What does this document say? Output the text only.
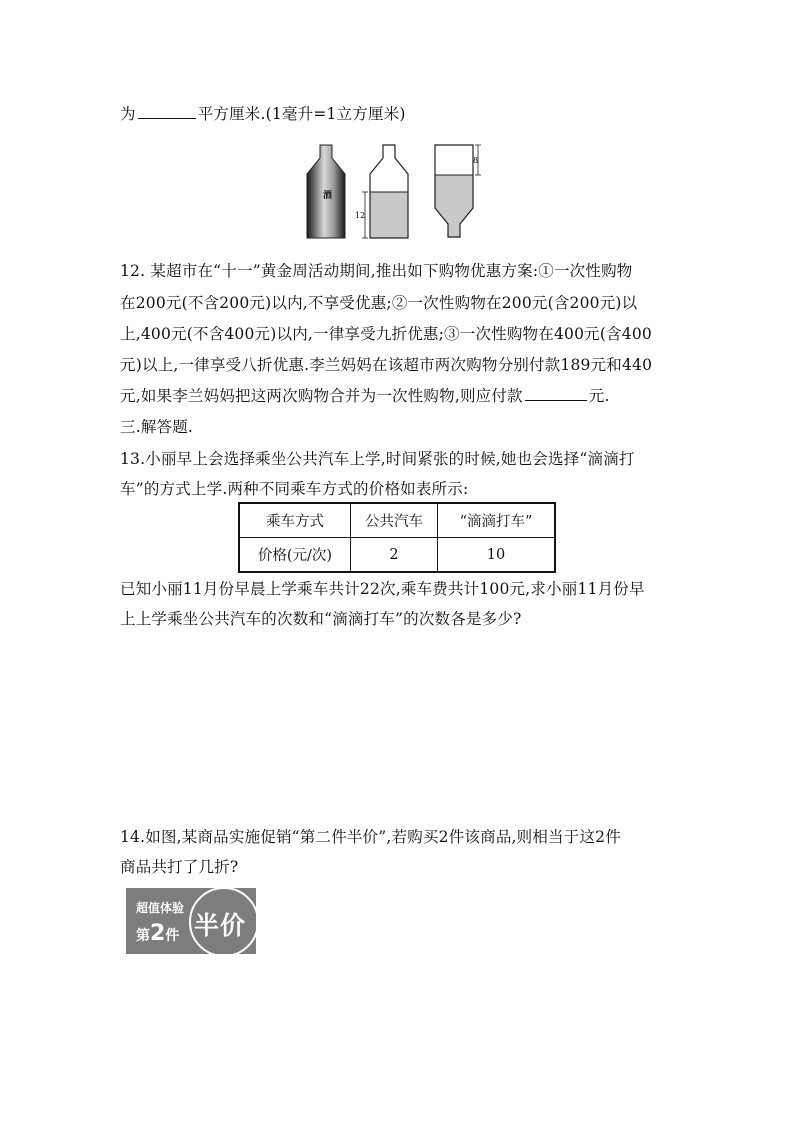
为	平方厘米.(1毫升=1立方厘米)
酒
12
8
12. 某超市在“十一”黄金周活动期间,推出如下购物优惠方案:①一次性购物
在200元(不含200元)以内,不享受优惠;②一次性购物在200元(含200元)以
上,400元(不含400元)以内,一律享受九折优惠;③一次性购物在400元(含400
元)以上,一律享受八折优惠.李兰妈妈在该超市两次购物分别付款189元和440
元,如果李兰妈妈把这两次购物合并为一次性购物,则应付款	元.
三.解答题.
13.小丽早上会选择乘坐公共汽车上学,时间紧张的时候,她也会选择“滴滴打
车”的方式上学.两种不同乘车方式的价格如表所示:
乘车方式	公共汽车	“滴滴打车”
价格(元/次)	2	10
已知小丽11月份早晨上学乘车共计22次,乘车费共计100元,求小丽11月份早
上上学乘坐公共汽车的次数和“滴滴打车”的次数各是多少?
14.如图,某商品实施促销“第二件半价”,若购买2件该商品,则相当于这2件
商品共打了几折?
超值体验
第2件 半价
